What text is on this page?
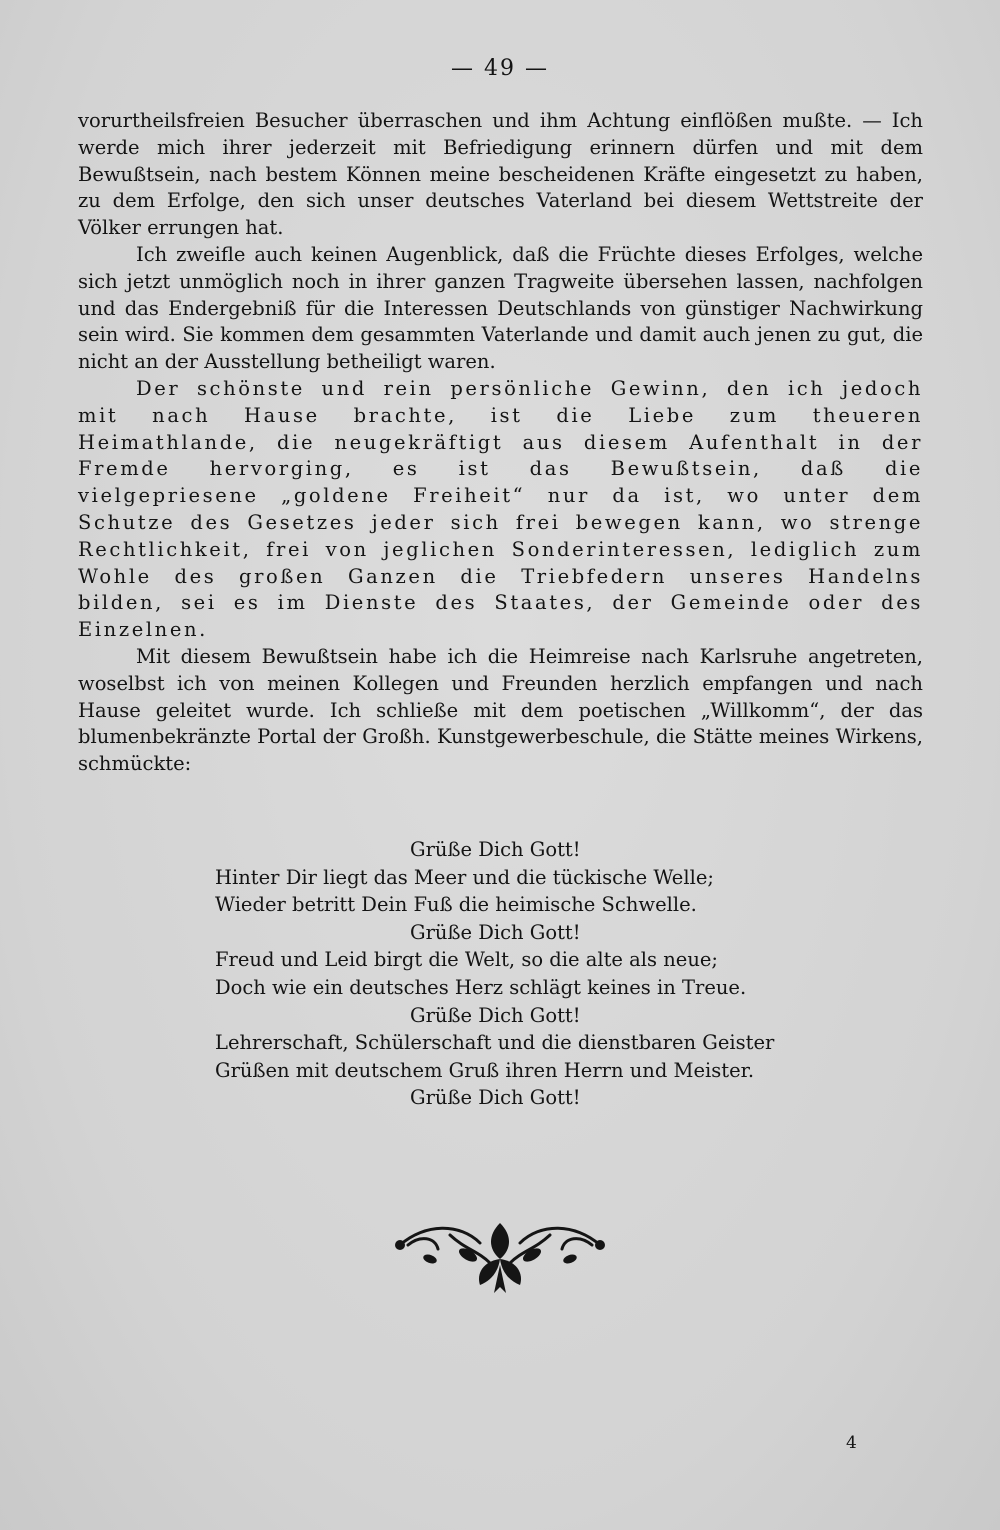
— 49 —

vorurtheilsfreien Besucher überraschen und ihm Achtung einflößen mußte. — Ich werde mich ihrer jederzeit mit Befriedigung erinnern dürfen und mit dem Bewußtsein, nach bestem Können meine bescheidenen Kräfte eingesetzt zu haben, zu dem Erfolge, den sich unser deutsches Vaterland bei diesem Wettstreite der Völker errungen hat.

Ich zweifle auch keinen Augenblick, daß die Früchte dieses Erfolges, welche sich jetzt unmöglich noch in ihrer ganzen Tragweite übersehen lassen, nachfolgen und das Endergebniß für die Interessen Deutschlands von günstiger Nachwirkung sein wird. Sie kommen dem gesammten Vaterlande und damit auch jenen zu gut, die nicht an der Ausstellung betheiligt waren.

Der schönste und rein persönliche Gewinn, den ich jedoch mit nach Hause brachte, ist die Liebe zum theueren Heimathlande, die neugekräftigt aus diesem Aufenthalt in der Fremde hervorging, es ist das Bewußtsein, daß die vielgepriesene „goldene Freiheit“ nur da ist, wo unter dem Schutze des Gesetzes jeder sich frei bewegen kann, wo strenge Rechtlichkeit, frei von jeglichen Sonderinteressen, lediglich zum Wohle des großen Ganzen die Triebfedern unseres Handelns bilden, sei es im Dienste des Staates, der Gemeinde oder des Einzelnen.

Mit diesem Bewußtsein habe ich die Heimreise nach Karlsruhe angetreten, woselbst ich von meinen Kollegen und Freunden herzlich empfangen und nach Hause geleitet wurde. Ich schließe mit dem poetischen „Willkomm“, der das blumenbekränzte Portal der Großh. Kunstgewerbeschule, die Stätte meines Wirkens, schmückte:

Grüße Dich Gott!
Hinter Dir liegt das Meer und die tückische Welle;
Wieder betritt Dein Fuß die heimische Schwelle.
Grüße Dich Gott!
Freud und Leid birgt die Welt, so die alte als neue;
Doch wie ein deutsches Herz schlägt keines in Treue.
Grüße Dich Gott!
Lehrerschaft, Schülerschaft und die dienstbaren Geister
Grüßen mit deutschem Gruß ihren Herrn und Meister.
Grüße Dich Gott!
4
